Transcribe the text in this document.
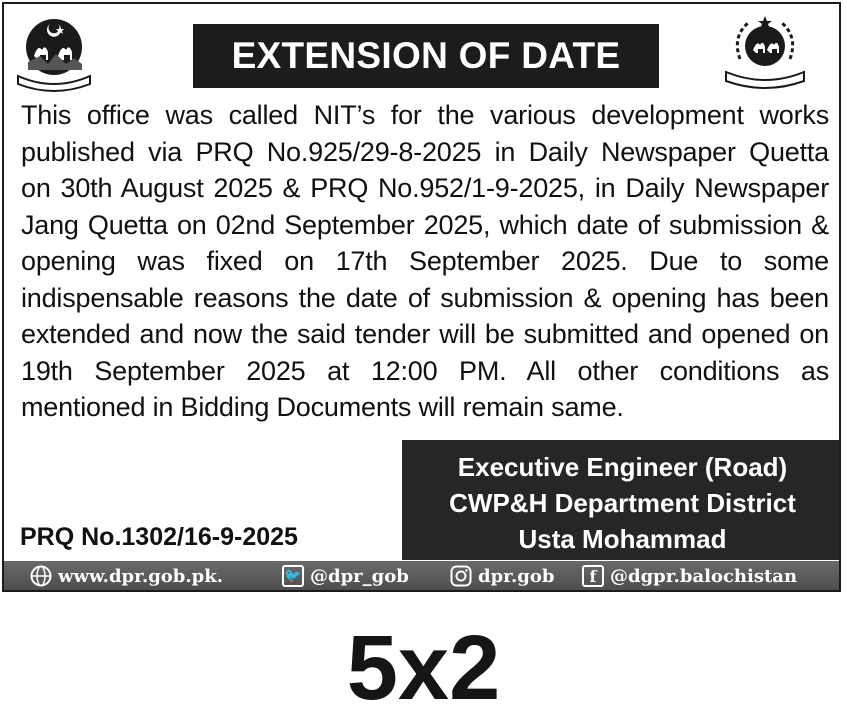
EXTENSION OF DATE
This office was called NIT’s for the various development works
published via PRQ No.925/29-8-2025 in Daily Newspaper Quetta
on 30th August 2025 & PRQ No.952/1-9-2025, in Daily Newspaper
Jang Quetta on 02nd September 2025, which date of submission &
opening was fixed on 17th September 2025. Due to some
indispensable reasons the date of submission & opening has been
extended and now the said tender will be submitted and opened on
19th September 2025 at 12:00 PM. All other conditions as
mentioned in Bidding Documents will remain same.
Executive Engineer (Road)
CWP&H Department District
Usta Mohammad
PRQ No.1302/16-9-2025
www.dpr.gob.pk.	🐦 @dpr_gob	dpr.gob	f @dgpr.balochistan
5x2
